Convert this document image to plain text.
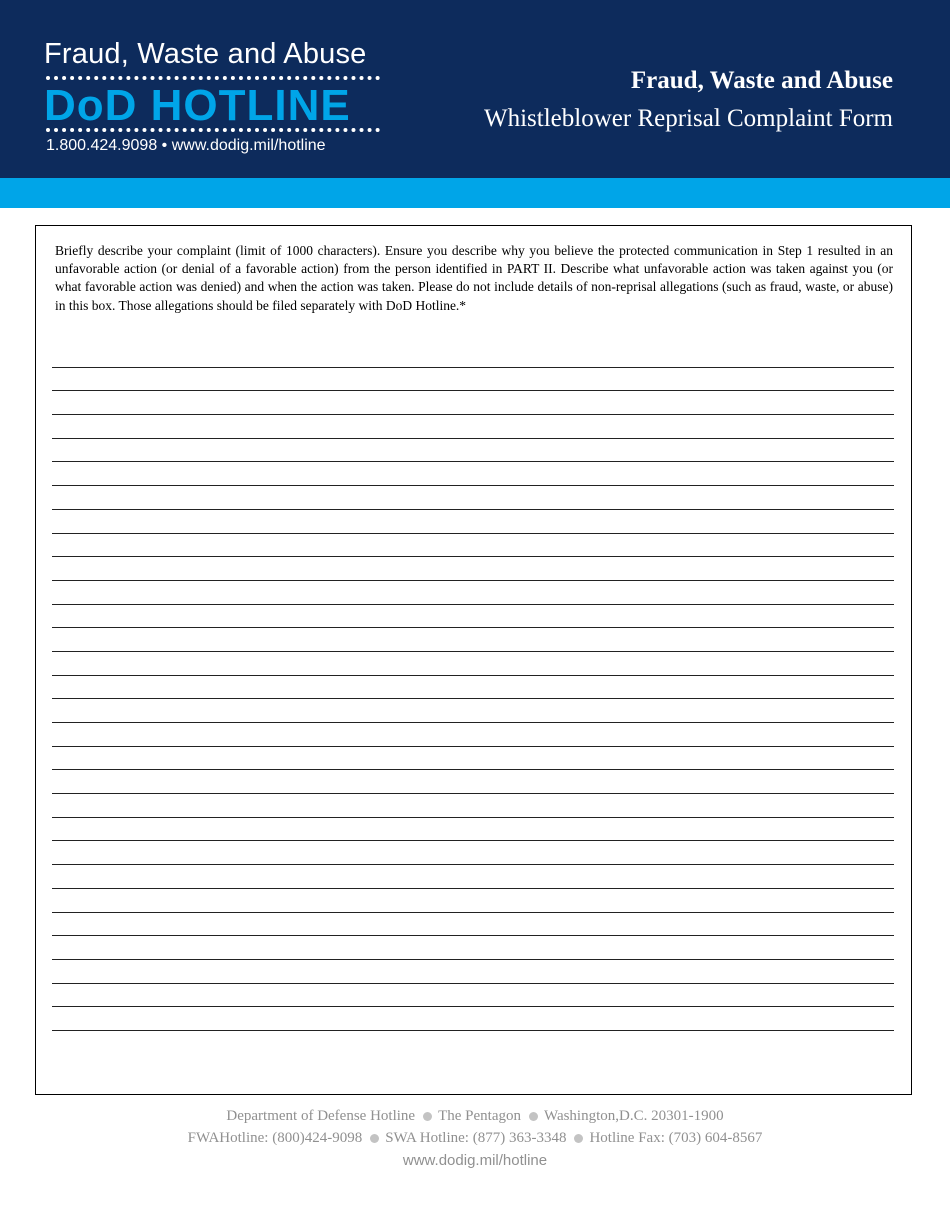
Fraud, Waste and Abuse
DoD HOTLINE
1.800.424.9098 • www.dodig.mil/hotline
Fraud, Waste and Abuse
Whistleblower Reprisal Complaint Form

Briefly describe your complaint (limit of 1000 characters). Ensure you describe why you believe the protected communication in Step 1 resulted in an unfavorable action (or denial of a favorable action) from the person identified in PART II. Describe what unfavorable action was taken against you (or what favorable action was denied) and when the action was taken. Please do not include details of non-reprisal allegations (such as fraud, waste, or abuse) in this box. Those allegations should be filed separately with DoD Hotline.*

Department of Defense Hotline The Pentagon Washington,D.C. 20301-1900
FWAHotline: (800)424-9098 SWA Hotline: (877) 363-3348 Hotline Fax: (703) 604-8567
www.dodig.mil/hotline
